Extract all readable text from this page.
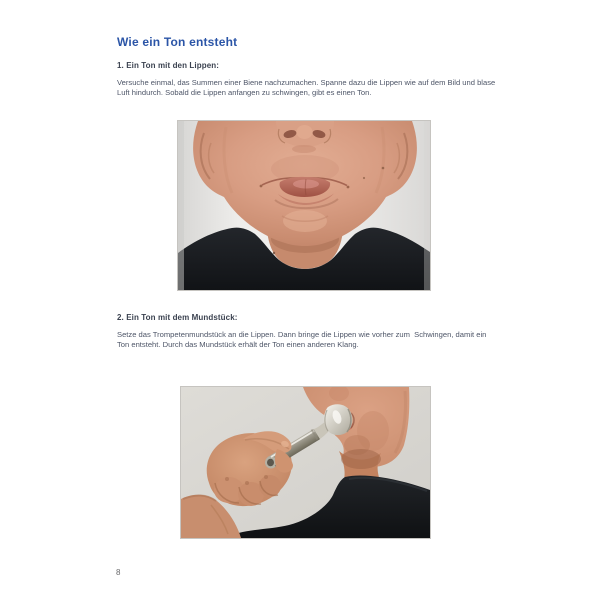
Wie ein Ton entsteht
1. Ein Ton mit den Lippen:
Versuche einmal, das Summen einer Biene nachzumachen. Spanne dazu die Lippen wie auf dem Bild und blase
Luft hindurch. Sobald die Lippen anfangen zu schwingen, gibt es einen Ton.
2. Ein Ton mit dem Mundstück:
Setze das Trompetenmundstück an die Lippen. Dann bringe die Lippen wie vorher zum  Schwingen, damit ein
Ton entsteht. Durch das Mundstück erhält der Ton einen anderen Klang.
8
